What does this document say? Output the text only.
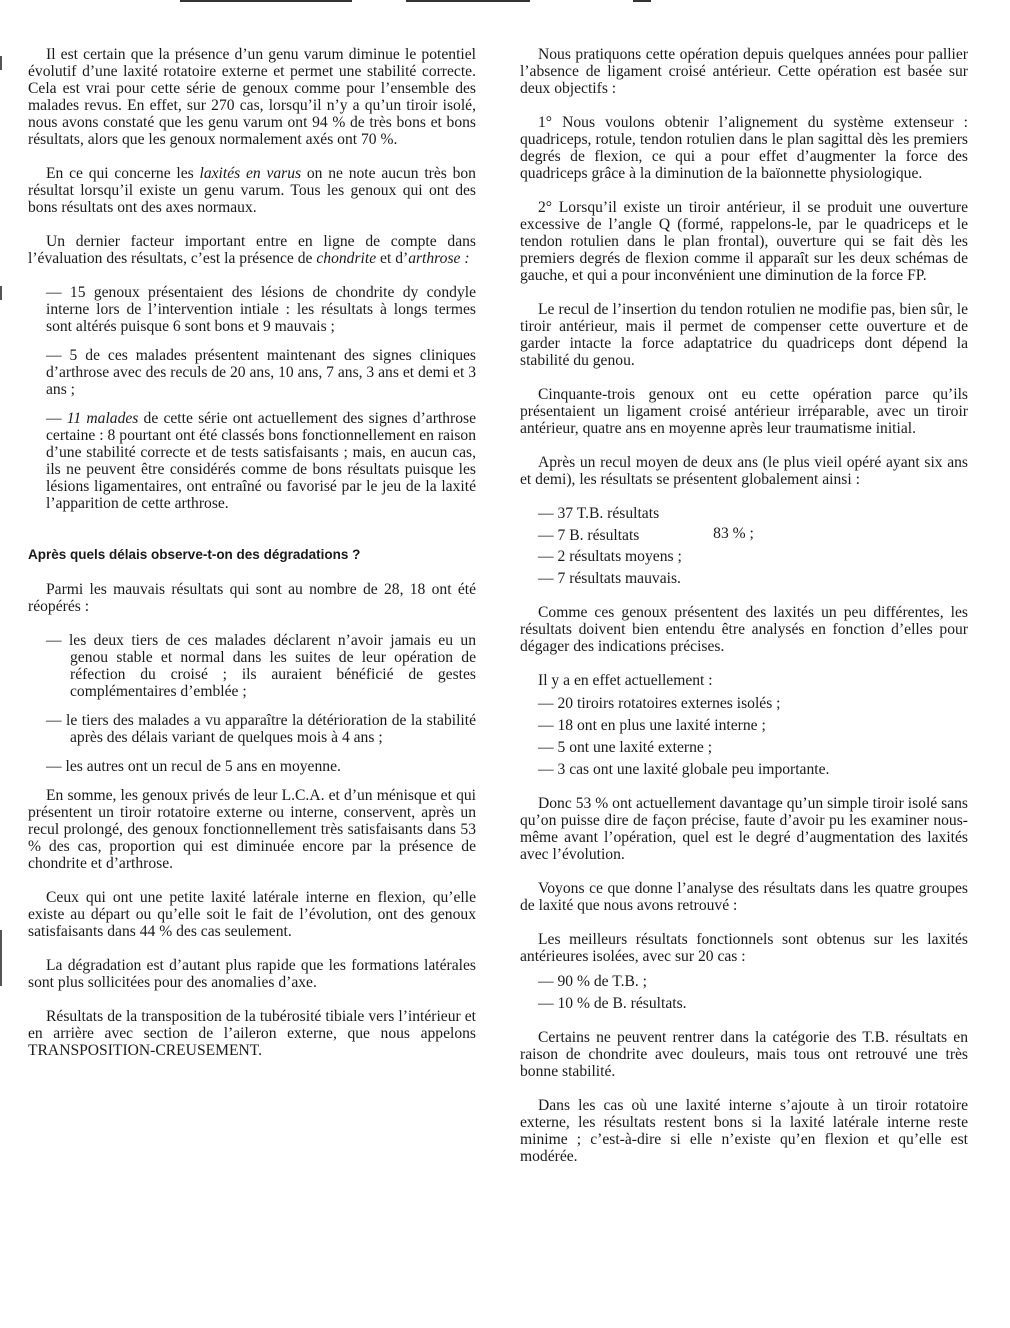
Il est certain que la présence d’un genu varum diminue le potentiel évolutif d’une laxité rotatoire externe et permet une stabilité correcte. Cela est vrai pour cette série de genoux comme pour l’ensemble des malades revus. En effet, sur 270 cas, lorsqu’il n’y a qu’un tiroir isolé, nous avons constaté que les genu varum ont 94 % de très bons et bons résultats, alors que les genoux normalement axés ont 70 %.

En ce qui concerne les laxités en varus on ne note aucun très bon résultat lorsqu’il existe un genu varum. Tous les genoux qui ont des bons résultats ont des axes normaux.

Un dernier facteur important entre en ligne de compte dans l’évaluation des résultats, c’est la présence de chondrite et d’arthrose :

— 15 genoux présentaient des lésions de chondrite dy condyle interne lors de l’intervention intiale : les résultats à longs termes sont altérés puisque 6 sont bons et 9 mauvais ;

— 5 de ces malades présentent maintenant des signes cliniques d’arthrose avec des reculs de 20 ans, 10 ans, 7 ans, 3 ans et demi et 3 ans ;

— 11 malades de cette série ont actuellement des signes d’arthrose certaine : 8 pourtant ont été classés bons fonctionnellement en raison d’une stabilité correcte et de tests satisfaisants ; mais, en aucun cas, ils ne peuvent être considérés comme de bons résultats puisque les lésions ligamentaires, ont entraîné ou favorisé par le jeu de la laxité l’apparition de cette arthrose.

Après quels délais observe-t-on des dégradations ?

Parmi les mauvais résultats qui sont au nombre de 28, 18 ont été réopérés :

— les deux tiers de ces malades déclarent n’avoir jamais eu un genou stable et normal dans les suites de leur opération de réfection du croisé ; ils auraient bénéficié de gestes complémentaires d’emblée ;

— le tiers des malades a vu apparaître la détérioration de la stabilité après des délais variant de quelques mois à 4 ans ;

— les autres ont un recul de 5 ans en moyenne.

En somme, les genoux privés de leur L.C.A. et d’un ménisque et qui présentent un tiroir rotatoire externe ou interne, conservent, après un recul prolongé, des genoux fonctionnellement très satisfaisants dans 53 % des cas, proportion qui est diminuée encore par la présence de chondrite et d’arthrose.

Ceux qui ont une petite laxité latérale interne en flexion, qu’elle existe au départ ou qu’elle soit le fait de l’évolution, ont des genoux satisfaisants dans 44 % des cas seulement.

La dégradation est d’autant plus rapide que les formations latérales sont plus sollicitées pour des anomalies d’axe.

Résultats de la transposition de la tubérosité tibiale vers l’intérieur et en arrière avec section de l’aileron externe, que nous appelons TRANSPOSITION-CREUSEMENT.

Nous pratiquons cette opération depuis quelques années pour pallier l’absence de ligament croisé antérieur. Cette opération est basée sur deux objectifs :

1° Nous voulons obtenir l’alignement du système extenseur : quadriceps, rotule, tendon rotulien dans le plan sagittal dès les premiers degrés de flexion, ce qui a pour effet d’augmenter la force des quadriceps grâce à la diminution de la baïonnette physiologique.

2° Lorsqu’il existe un tiroir antérieur, il se produit une ouverture excessive de l’angle Q (formé, rappelons-le, par le quadriceps et le tendon rotulien dans le plan frontal), ouverture qui se fait dès les premiers degrés de flexion comme il apparaît sur les deux schémas de gauche, et qui a pour inconvénient une diminution de la force FP.

Le recul de l’insertion du tendon rotulien ne modifie pas, bien sûr, le tiroir antérieur, mais il permet de compenser cette ouverture et de garder intacte la force adaptatrice du quadriceps dont dépend la stabilité du genou.

Cinquante-trois genoux ont eu cette opération parce qu’ils présentaient un ligament croisé antérieur irréparable, avec un tiroir antérieur, quatre ans en moyenne après leur traumatisme initial.

Après un recul moyen de deux ans (le plus vieil opéré ayant six ans et demi), les résultats se présentent globalement ainsi :

— 37 T.B. résultats
— 7 B. résultats	83 % ;

— 2 résultats moyens ;

— 7 résultats mauvais.

Comme ces genoux présentent des laxités un peu différentes, les résultats doivent bien entendu être analysés en fonction d’elles pour dégager des indications précises.

Il y a en effet actuellement :

— 20 tiroirs rotatoires externes isolés ;

— 18 ont en plus une laxité interne ;

— 5 ont une laxité externe ;

— 3 cas ont une laxité globale peu importante.

Donc 53 % ont actuellement davantage qu’un simple tiroir isolé sans qu’on puisse dire de façon précise, faute d’avoir pu les examiner nous-même avant l’opération, quel est le degré d’augmentation des laxités avec l’évolution.

Voyons ce que donne l’analyse des résultats dans les quatre groupes de laxité que nous avons retrouvé :

Les meilleurs résultats fonctionnels sont obtenus sur les laxités antérieures isolées, avec sur 20 cas :

— 90 % de T.B. ;

— 10 % de B. résultats.

Certains ne peuvent rentrer dans la catégorie des T.B. résultats en raison de chondrite avec douleurs, mais tous ont retrouvé une très bonne stabilité.

Dans les cas où une laxité interne s’ajoute à un tiroir rotatoire externe, les résultats restent bons si la laxité latérale interne reste minime ; c’est-à-dire si elle n’existe qu’en flexion et qu’elle est modérée.
